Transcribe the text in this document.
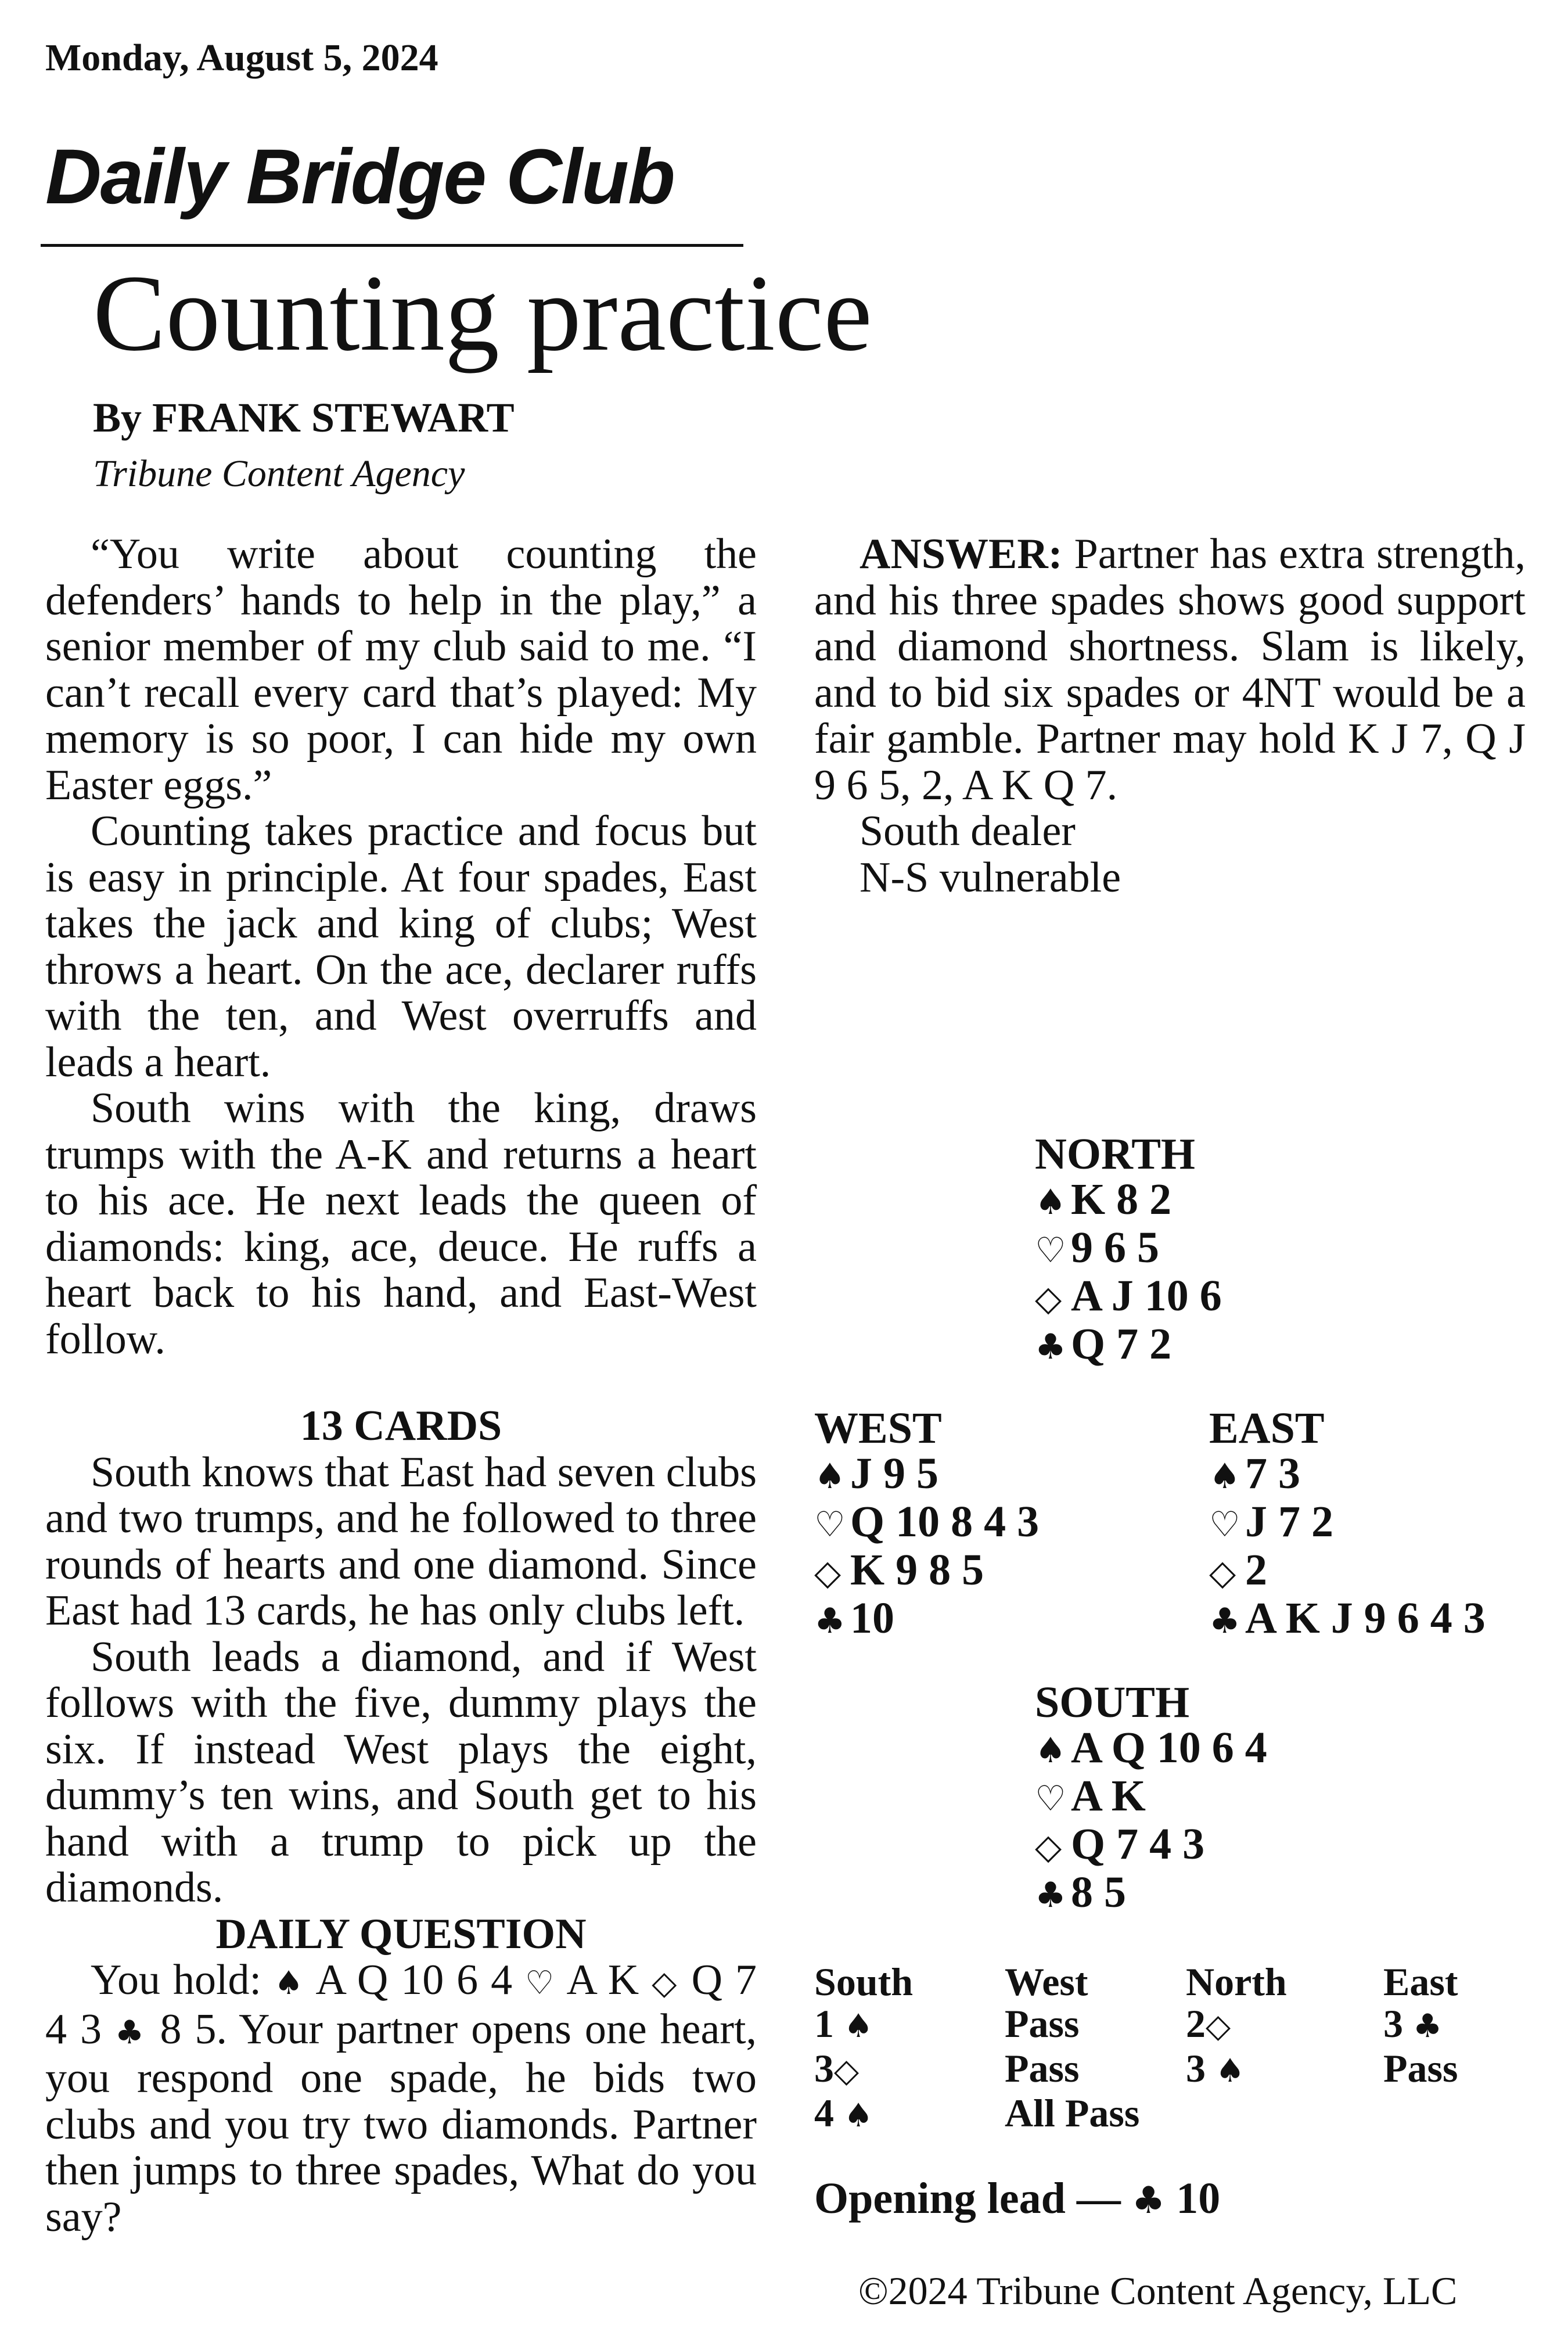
Monday, August 5, 2024
Daily Bridge Club
Counting practice
By FRANK STEWART
Tribune Content Agency

“You write about counting the defenders’ hands to help in the play,” a senior member of my club said to me. “I can’t recall every card that’s played: My memory is so poor, I can hide my own Easter eggs.”

Counting takes practice and focus but is easy in principle. At four spades, East takes the jack and king of clubs; West throws a heart. On the ace, declarer ruffs with the ten, and West overruffs and leads a heart.

South wins with the king, draws trumps with the A-K and returns a heart to his ace. He next leads the queen of diamonds: king, ace, deuce. He ruffs a heart back to his hand, and East-West follow.

13 CARDS

South knows that East had seven clubs and two trumps, and he followed to three rounds of hearts and one diamond. Since East had 13 cards, he has only clubs left.

South leads a diamond, and if West follows with the five, dummy plays the six. If instead West plays the eight, dummy’s ten wins, and South get to his hand with a trump to pick up the diamonds.

DAILY QUESTION

You hold: ♠ A Q 10 6 4 ♡ A K ◇ Q 7 4 3 ♣ 8 5. Your partner opens one heart, you respond one spade, he bids two clubs and you try two diamonds. Partner then jumps to three spades, What do you say?

ANSWER: Partner has extra strength, and his three spades shows good support and diamond shortness. Slam is likely, and to bid six spades or 4NT would be a fair gamble. Partner may hold K J 7, Q J 9 6 5, 2, A K Q 7.

South dealer

N-S vulnerable

NORTH
♠ K 8 2
♡ 9 6 5
◇ A J 10 6
♣ Q 7 2
WEST
♠ J 9 5
♡ Q 10 8 4 3
◇ K 9 8 5
♣ 10
EAST
♠ 7 3
♡ J 7 2
◇ 2
♣ A K J 9 6 4 3
SOUTH
♠ A Q 10 6 4
♡ A K
◇ Q 7 4 3
♣ 8 5
South	West	North	East
1 ♠	Pass	2◇	3 ♣
3◇	Pass	3 ♠	Pass
4 ♠	All Pass		
Opening lead — ♣ 10
©2024 Tribune Content Agency, LLC
